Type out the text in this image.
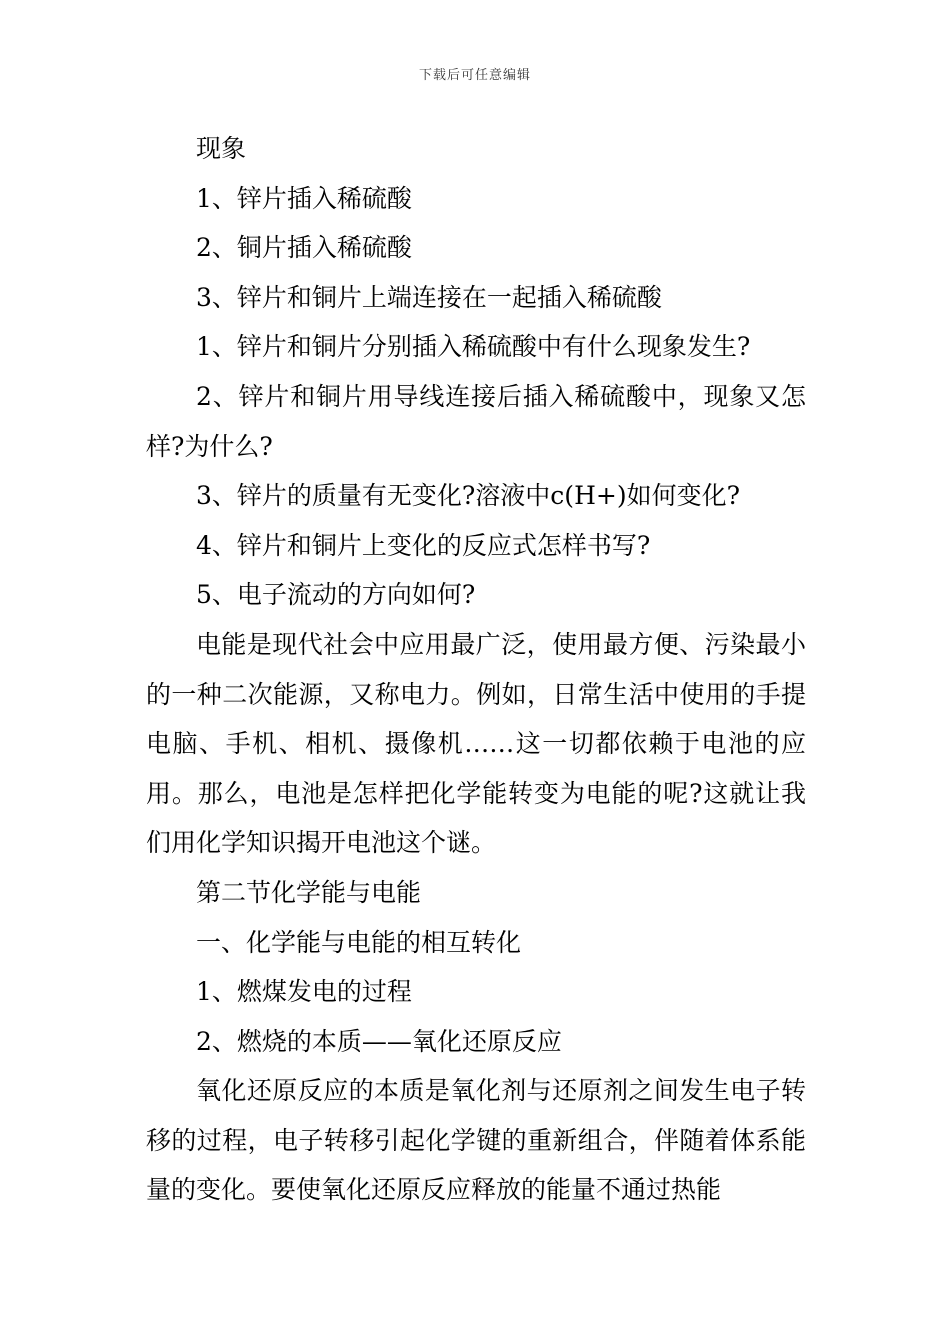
下载后可任意编辑

现象

1、锌片插入稀硫酸

2、铜片插入稀硫酸

3、锌片和铜片上端连接在一起插入稀硫酸

1、锌片和铜片分别插入稀硫酸中有什么现象发生?

2、锌片和铜片用导线连接后插入稀硫酸中，现象又怎样?为什么?

3、锌片的质量有无变化?溶液中c(H+)如何变化?

4、锌片和铜片上变化的反应式怎样书写?

5、电子流动的方向如何?

电能是现代社会中应用最广泛，使用最方便、污染最小的一种二次能源，又称电力。例如，日常生活中使用的手提电脑、手机、相机、摄像机……这一切都依赖于电池的应用。那么，电池是怎样把化学能转变为电能的呢?这就让我们用化学知识揭开电池这个谜。

第二节化学能与电能

一、化学能与电能的相互转化

1、燃煤发电的过程

2、燃烧的本质——氧化还原反应

氧化还原反应的本质是氧化剂与还原剂之间发生电子转移的过程，电子转移引起化学键的重新组合，伴随着体系能量的变化。要使氧化还原反应释放的能量不通过热能
